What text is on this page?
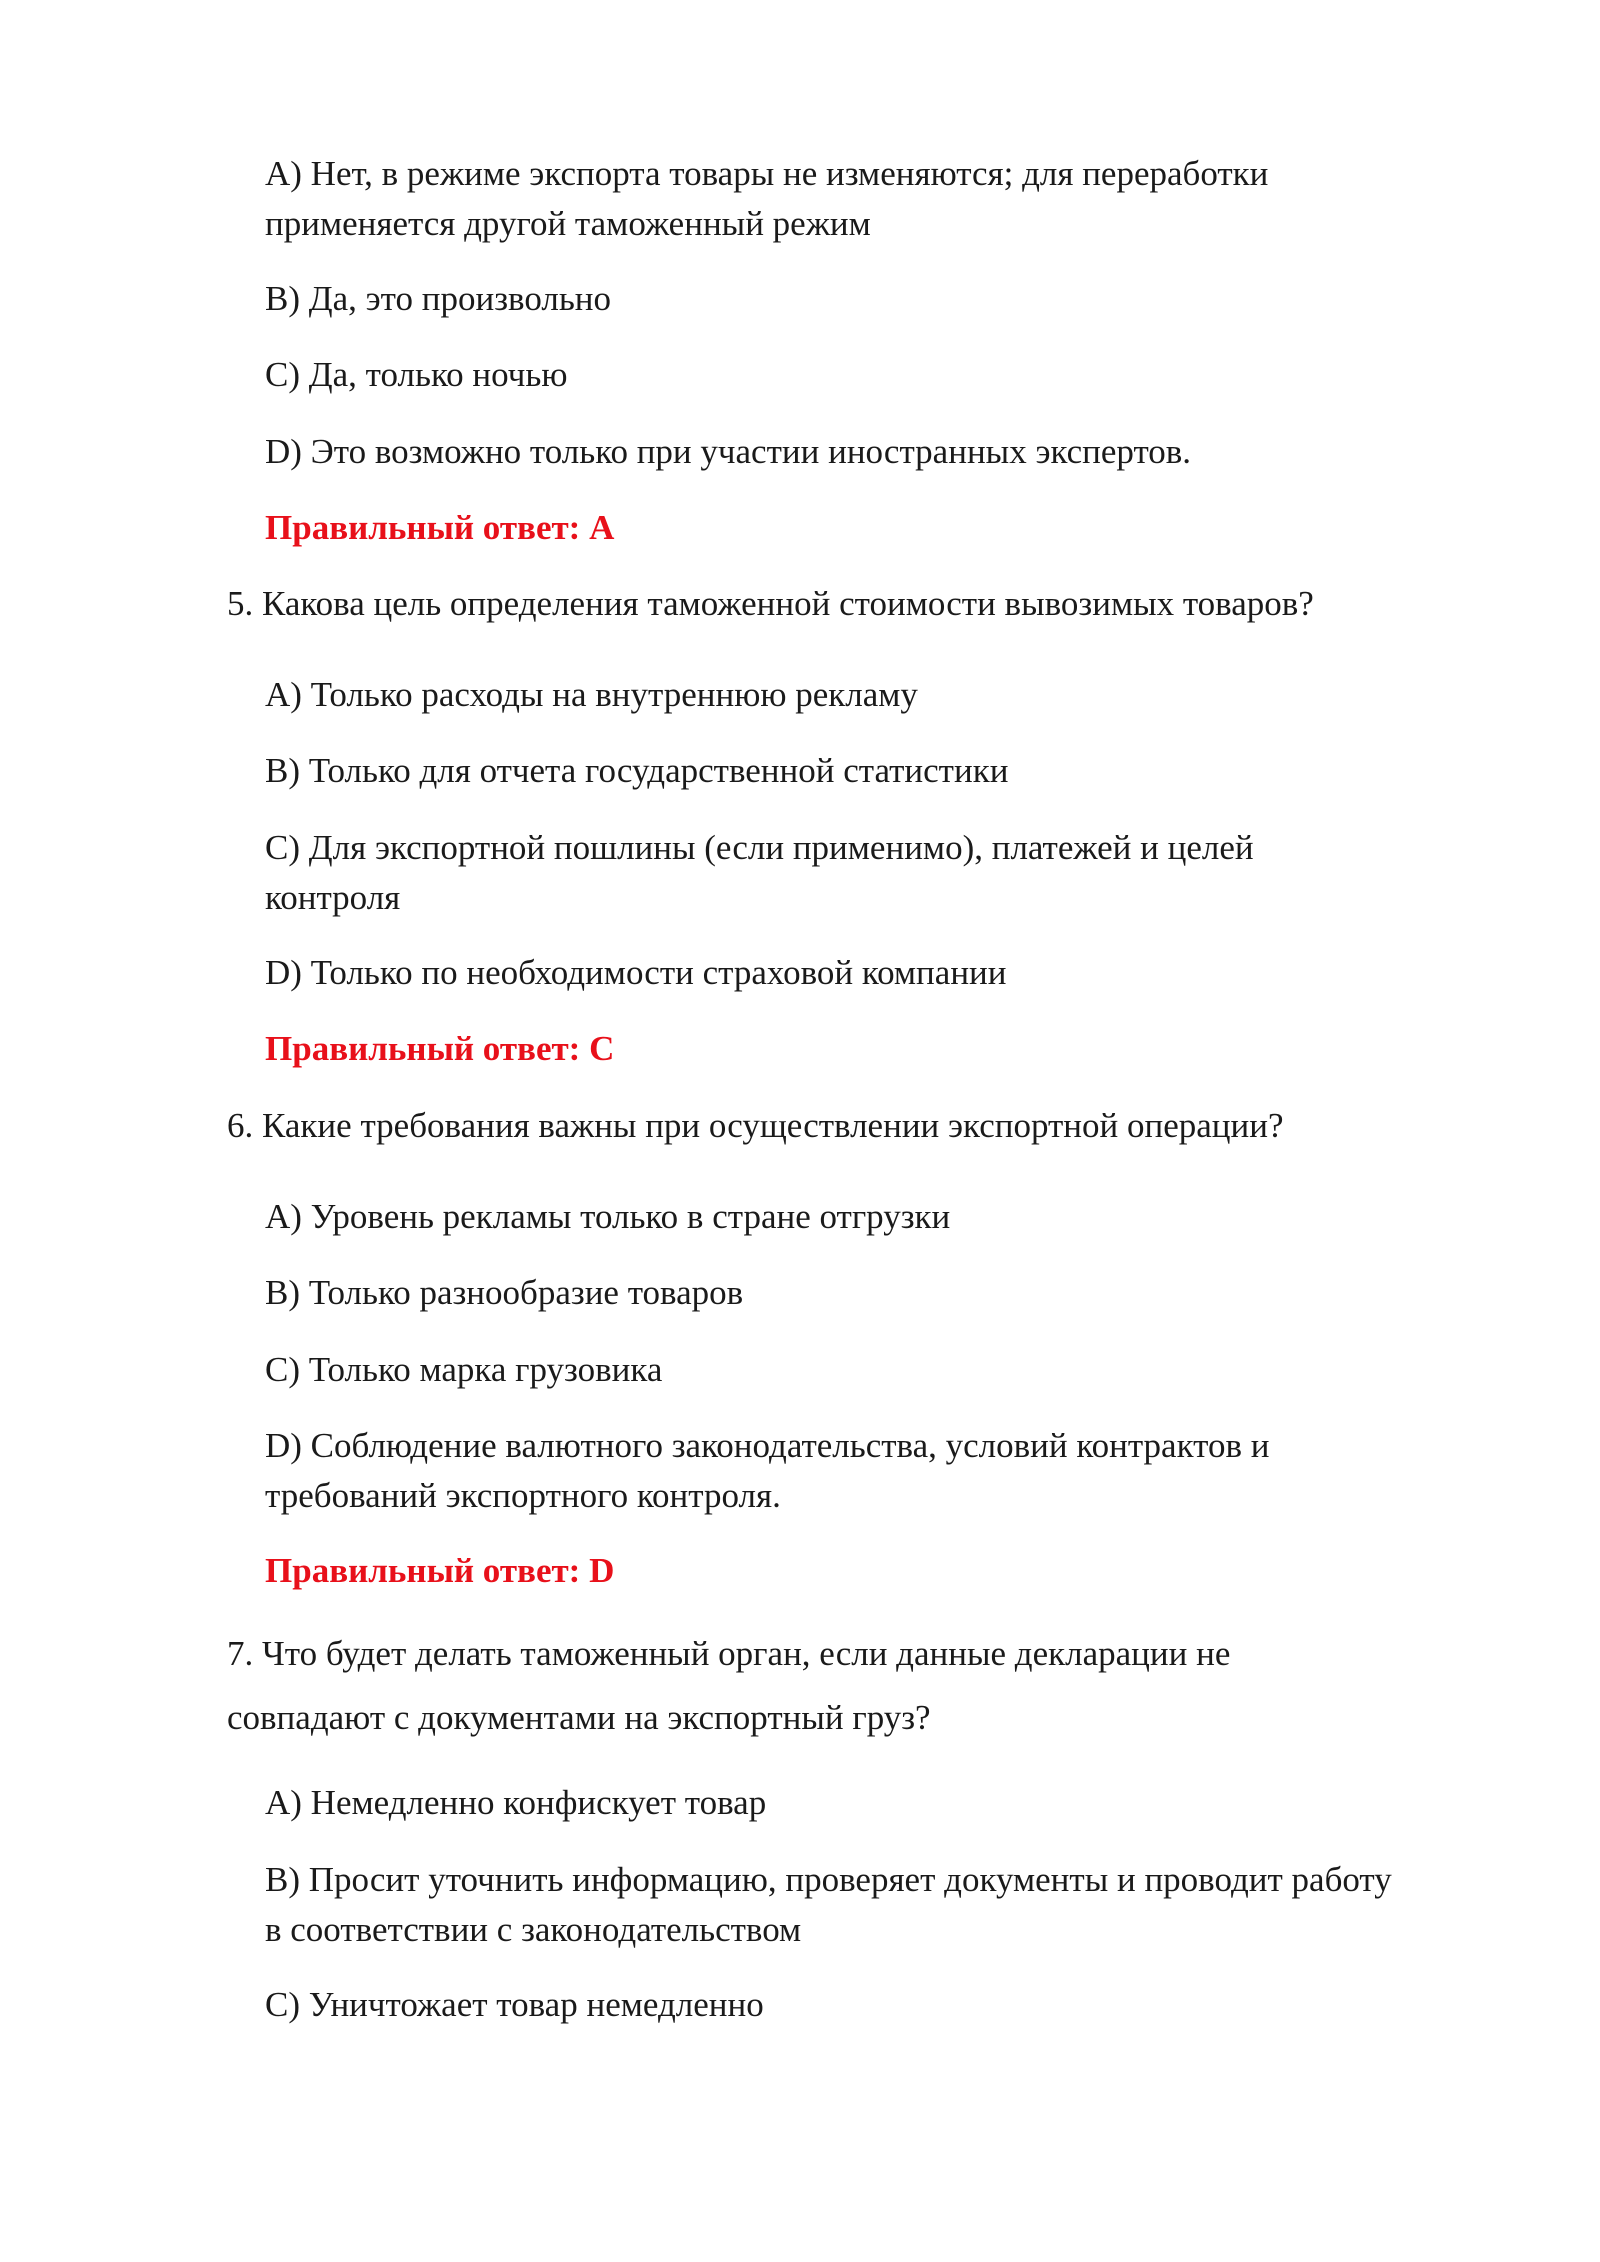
A) Нет, в режиме экспорта товары не изменяются; для переработки
применяется другой таможенный режим
B) Да, это произвольно
C) Да, только ночью
D) Это возможно только при участии иностранных экспертов.
Правильный ответ: A
5. Какова цель определения таможенной стоимости вывозимых товаров?
A) Только расходы на внутреннюю рекламу
B) Только для отчета государственной статистики
C) Для экспортной пошлины (если применимо), платежей и целей
контроля
D) Только по необходимости страховой компании
Правильный ответ: C
6. Какие требования важны при осуществлении экспортной операции?
A) Уровень рекламы только в стране отгрузки
B) Только разнообразие товаров
C) Только марка грузовика
D) Соблюдение валютного законодательства, условий контрактов и
требований экспортного контроля.
Правильный ответ: D
7. Что будет делать таможенный орган, если данные декларации не
совпадают с документами на экспортный груз?
A) Немедленно конфискует товар
B) Просит уточнить информацию, проверяет документы и проводит работу
в соответствии с законодательством
C) Уничтожает товар немедленно
